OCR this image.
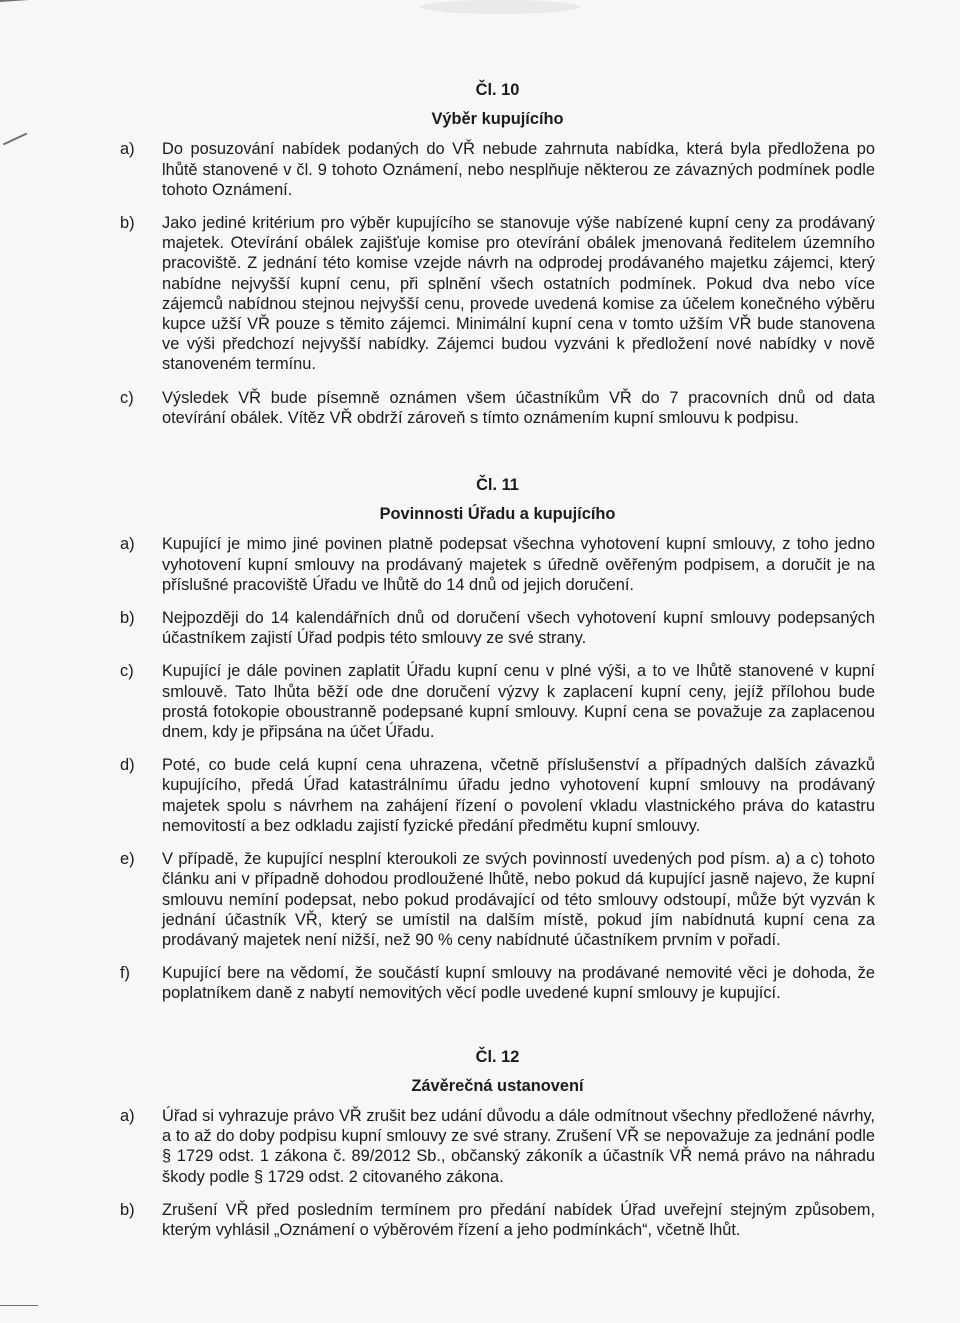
Čl. 10

Výběr kupujícího

a)	Do posuzování nabídek podaných do VŘ nebude zahrnuta nabídka, která byla předložena po lhůtě stanovené v čl. 9 tohoto Oznámení, nebo nesplňuje některou ze závazných podmínek podle tohoto Oznámení.
b)	Jako jediné kritérium pro výběr kupujícího se stanovuje výše nabízené kupní ceny za prodávaný majetek. Otevírání obálek zajišťuje komise pro otevírání obálek jmenovaná ředitelem územního pracoviště. Z jednání této komise vzejde návrh na odprodej prodávaného majetku zájemci, který nabídne nejvyšší kupní cenu, při splnění všech ostatních podmínek. Pokud dva nebo více zájemců nabídnou stejnou nejvyšší cenu, provede uvedená komise za účelem konečného výběru kupce užší VŘ pouze s těmito zájemci. Minimální kupní cena v tomto užším VŘ bude stanovena ve výši předchozí nejvyšší nabídky. Zájemci budou vyzváni k předložení nové nabídky v nově stanoveném termínu.
c)	Výsledek VŘ bude písemně oznámen všem účastníkům VŘ do 7 pracovních dnů od data otevírání obálek. Vítěz VŘ obdrží zároveň s tímto oznámením kupní smlouvu k podpisu.

Čl. 11

Povinnosti Úřadu a kupujícího

a)	Kupující je mimo jiné povinen platně podepsat všechna vyhotovení kupní smlouvy, z toho jedno vyhotovení kupní smlouvy na prodávaný majetek s úředně ověřeným podpisem, a doručit je na příslušné pracoviště Úřadu ve lhůtě do 14 dnů od jejich doručení.
b)	Nejpozději do 14 kalendářních dnů od doručení všech vyhotovení kupní smlouvy podepsaných účastníkem zajistí Úřad podpis této smlouvy ze své strany.
c)	Kupující je dále povinen zaplatit Úřadu kupní cenu v plné výši, a to ve lhůtě stanovené v kupní smlouvě. Tato lhůta běží ode dne doručení výzvy k zaplacení kupní ceny, jejíž přílohou bude prostá fotokopie oboustranně podepsané kupní smlouvy. Kupní cena se považuje za zaplacenou dnem, kdy je připsána na účet Úřadu.
d)	Poté, co bude celá kupní cena uhrazena, včetně příslušenství a případných dalších závazků kupujícího, předá Úřad katastrálnímu úřadu jedno vyhotovení kupní smlouvy na prodávaný majetek spolu s návrhem na zahájení řízení o povolení vkladu vlastnického práva do katastru nemovitostí a bez odkladu zajistí fyzické předání předmětu kupní smlouvy.
e)	V případě, že kupující nesplní kteroukoli ze svých povinností uvedených pod písm. a) a c) tohoto článku ani v případně dohodou prodloužené lhůtě, nebo pokud dá kupující jasně najevo, že kupní smlouvu nemíní podepsat, nebo pokud prodávající od této smlouvy odstoupí, může být vyzván k jednání účastník VŘ, který se umístil na dalším místě, pokud jím nabídnutá kupní cena za prodávaný majetek není nižší, než 90 % ceny nabídnuté účastníkem prvním v pořadí.
f)	Kupující bere na vědomí, že součástí kupní smlouvy na prodávané nemovité věci je dohoda, že poplatníkem daně z nabytí nemovitých věcí podle uvedené kupní smlouvy je kupující.

Čl. 12

Závěrečná ustanovení

a)	Úřad si vyhrazuje právo VŘ zrušit bez udání důvodu a dále odmítnout všechny předložené návrhy, a to až do doby podpisu kupní smlouvy ze své strany. Zrušení VŘ se nepovažuje za jednání podle § 1729 odst. 1 zákona č. 89/2012 Sb., občanský zákoník a účastník VŘ nemá právo na náhradu škody podle § 1729 odst. 2 citovaného zákona.
b)	Zrušení VŘ před posledním termínem pro předání nabídek Úřad uveřejní stejným způsobem, kterým vyhlásil „Oznámení o výběrovém řízení a jeho podmínkách“, včetně lhůt.
